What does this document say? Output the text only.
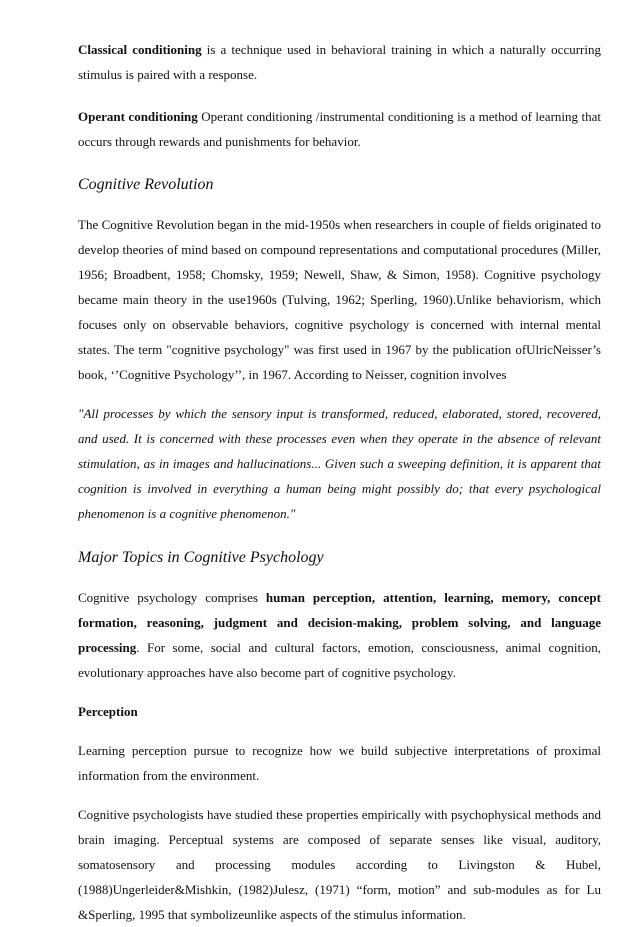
Classical conditioning is a technique used in behavioral training in which a naturally occurring stimulus is paired with a response.

Operant conditioning Operant conditioning /instrumental conditioning is a method of learning that occurs through rewards and punishments for behavior.

Cognitive Revolution

The Cognitive Revolution began in the mid-1950s when researchers in couple of fields originated to develop theories of mind based on compound representations and computational procedures (Miller, 1956; Broadbent, 1958; Chomsky, 1959; Newell, Shaw, & Simon, 1958). Cognitive psychology became main theory in the use1960s (Tulving, 1962; Sperling, 1960).Unlike behaviorism, which focuses only on observable behaviors, cognitive psychology is concerned with internal mental states. The term "cognitive psychology" was first used in 1967 by the publication ofUlricNeisser’s book, ‘’Cognitive Psychology’’, in 1967. According to Neisser, cognition involves

"All processes by which the sensory input is transformed, reduced, elaborated, stored, recovered, and used. It is concerned with these processes even when they operate in the absence of relevant stimulation, as in images and hallucinations... Given such a sweeping definition, it is apparent that cognition is involved in everything a human being might possibly do; that every psychological phenomenon is a cognitive phenomenon."

Major Topics in Cognitive Psychology

Cognitive psychology comprises human perception, attention, learning, memory, concept formation, reasoning, judgment and decision-making, problem solving, and language processing. For some, social and cultural factors, emotion, consciousness, animal cognition, evolutionary approaches have also become part of cognitive psychology.

Perception

Learning perception pursue to recognize how we build subjective interpretations of proximal information from the environment.

Cognitive psychologists have studied these properties empirically with psychophysical methods and brain imaging. Perceptual systems are composed of separate senses like visual, auditory, somatosensory and processing modules according to Livingston & Hubel,

(1988)Ungerleider&Mishkin, (1982)Julesz, (1971) “form, motion” and sub-modules as for Lu &Sperling, 1995 that symbolizeunlike aspects of the stimulus information.
